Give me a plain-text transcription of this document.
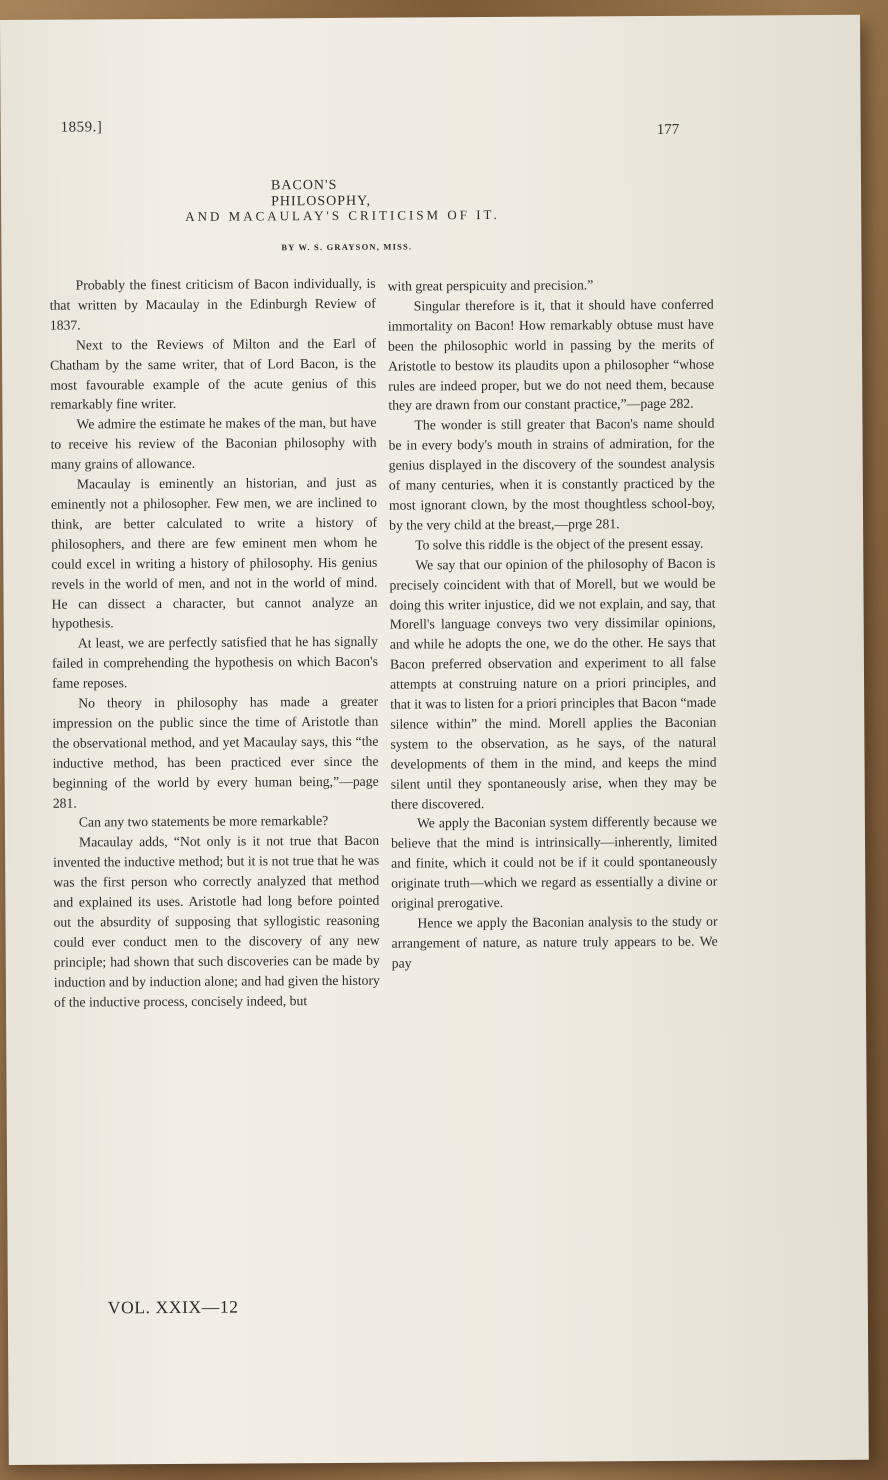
1859.]	177
BACON'S PHILOSOPHY,
AND MACAULAY'S CRITICISM OF IT.
BY W. S. GRAYSON, MISS.

Probably the finest criticism of Bacon individually, is that written by Macaulay in the Edinburgh Review of 1837.

Next to the Reviews of Milton and the Earl of Chatham by the same writer, that of Lord Bacon, is the most favourable example of the acute genius of this remarkably fine writer.

We admire the estimate he makes of the man, but have to receive his review of the Baconian philosophy with many grains of allowance.

Macaulay is eminently an historian, and just as eminently not a philosopher. Few men, we are inclined to think, are better calculated to write a history of philosophers, and there are few eminent men whom he could excel in writing a history of philosophy. His genius revels in the world of men, and not in the world of mind. He can dissect a character, but cannot analyze an hypothesis.

At least, we are perfectly satisfied that he has signally failed in comprehending the hypothesis on which Bacon's fame reposes.

No theory in philosophy has made a greater impression on the public since the time of Aristotle than the observational method, and yet Macaulay says, this “the inductive method, has been practiced ever since the beginning of the world by every human being,”—page 281.

Can any two statements be more remarkable?

Macaulay adds, “Not only is it not true that Bacon invented the inductive method; but it is not true that he was was the first person who correctly analyzed that method and explained its uses. Aristotle had long before pointed out the absurdity of supposing that syllogistic reasoning could ever conduct men to the discovery of any new principle; had shown that such discoveries can be made by induction and by induction alone; and had given the history of the inductive process, concisely indeed, but

with great perspicuity and precision.”

Singular therefore is it, that it should have conferred immortality on Bacon! How remarkably obtuse must have been the philosophic world in passing by the merits of Aristotle to bestow its plaudits upon a philosopher “whose rules are indeed proper, but we do not need them, because they are drawn from our constant practice,”—page 282.

The wonder is still greater that Bacon's name should be in every body's mouth in strains of admiration, for the genius displayed in the discovery of the soundest analysis of many centuries, when it is constantly practiced by the most ignorant clown, by the most thoughtless school-boy, by the very child at the breast,—prge 281.

To solve this riddle is the object of the present essay.

We say that our opinion of the philosophy of Bacon is precisely coincident with that of Morell, but we would be doing this writer injustice, did we not explain, and say, that Morell's language conveys two very dissimilar opinions, and while he adopts the one, we do the other. He says that Bacon preferred observation and experiment to all false attempts at construing nature on a priori principles, and that it was to listen for a priori principles that Bacon “made silence within” the mind. Morell applies the Baconian system to the observation, as he says, of the natural developments of them in the mind, and keeps the mind silent until they spontaneously arise, when they may be there discovered.

We apply the Baconian system differently because we believe that the mind is intrinsically—inherently, limited and finite, which it could not be if it could spontaneously originate truth—which we regard as essentially a divine or original prerogative.

Hence we apply the Baconian analysis to the study or arrangement of nature, as nature truly appears to be. We pay

VOL. XXIX—12
